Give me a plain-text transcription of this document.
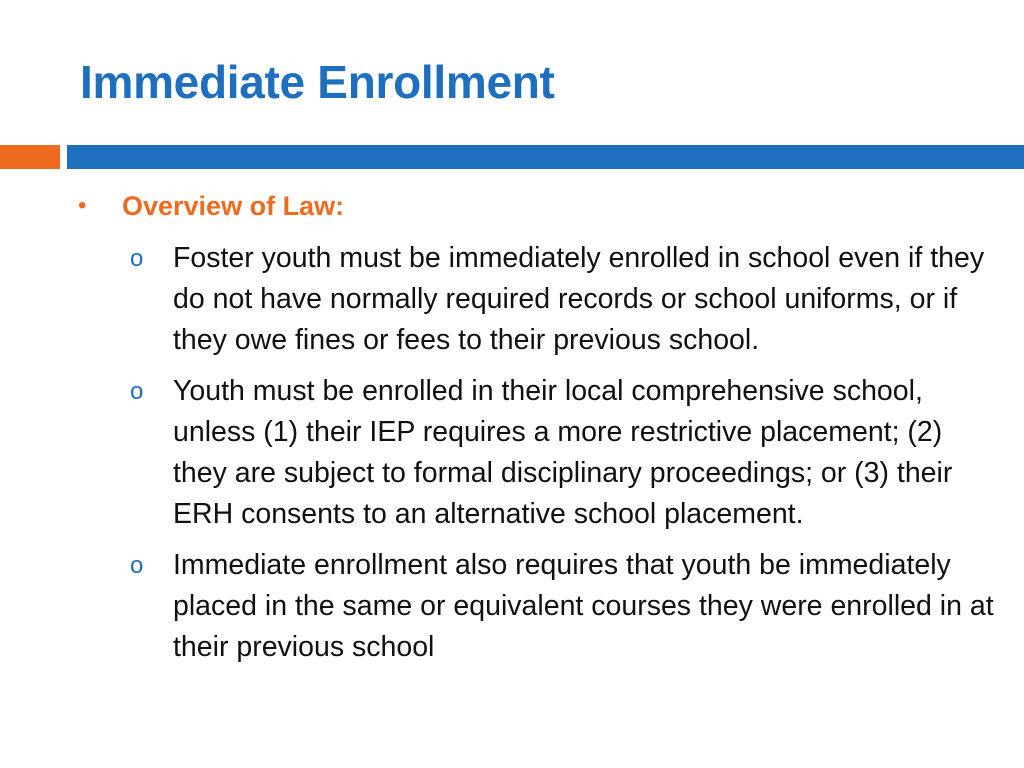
Immediate Enrollment
• Overview of Law:
o Foster youth must be immediately enrolled in school even if they do not have normally required records or school uniforms, or if they owe fines or fees to their previous school.
o Youth must be enrolled in their local comprehensive school, unless (1) their IEP requires a more restrictive placement; (2) they are subject to formal disciplinary proceedings; or (3) their ERH consents to an alternative school placement.
o Immediate enrollment also requires that youth be immediately placed in the same or equivalent courses they were enrolled in at their previous school
